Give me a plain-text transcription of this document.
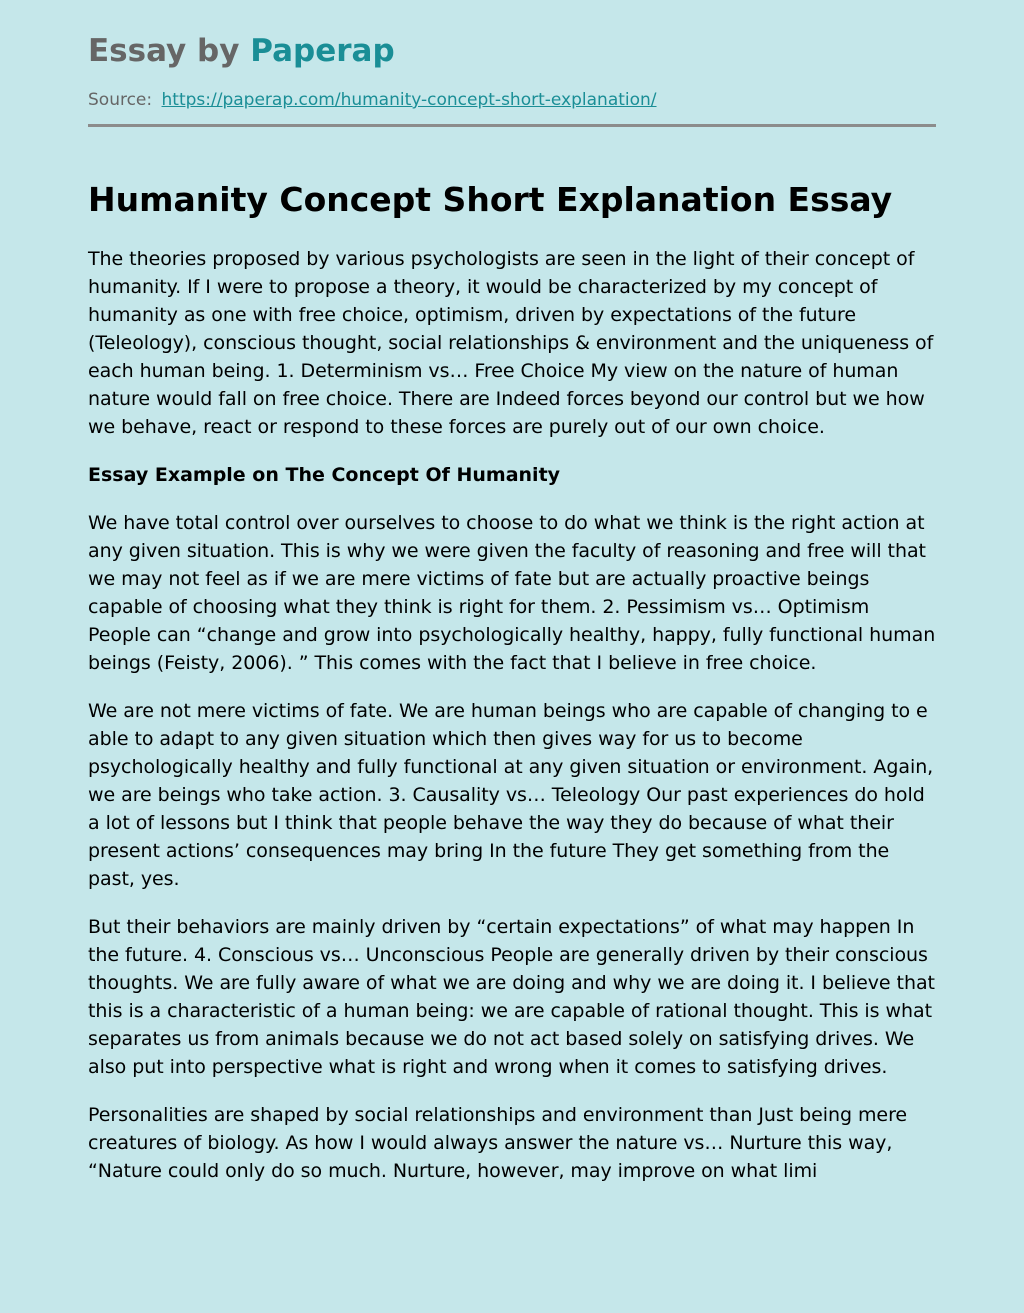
Essay by Paperap
Source: https://paperap.com/humanity-concept-short-explanation/
Humanity Concept Short Explanation Essay

The theories proposed by various psychologists are seen in the light of their concept of humanity. If I were to propose a theory, it would be characterized by my concept of humanity as one with free choice, optimism, driven by expectations of the future (Teleology), conscious thought, social relationships & environment and the uniqueness of each human being. 1. Determinism vs… Free Choice My view on the nature of human nature would fall on free choice. There are Indeed forces beyond our control but we how we behave, react or respond to these forces are purely out of our own choice.

Essay Example on The Concept Of Humanity

We have total control over ourselves to choose to do what we think is the right action at any given situation. This is why we were given the faculty of reasoning and free will that we may not feel as if we are mere victims of fate but are actually proactive beings capable of choosing what they think is right for them. 2. Pessimism vs… Optimism People can “change and grow into psychologically healthy, happy, fully functional human beings (Feisty, 2006). ” This comes with the fact that I believe in free choice.

We are not mere victims of fate. We are human beings who are capable of changing to e able to adapt to any given situation which then gives way for us to become psychologically healthy and fully functional at any given situation or environment. Again, we are beings who take action. 3. Causality vs… Teleology Our past experiences do hold a lot of lessons but I think that people behave the way they do because of what their present actions’ consequences may bring In the future They get something from the past, yes.

But their behaviors are mainly driven by “certain expectations” of what may happen In the future. 4. Conscious vs… Unconscious People are generally driven by their conscious thoughts. We are fully aware of what we are doing and why we are doing it. I believe that this is a characteristic of a human being: we are capable of rational thought. This is what separates us from animals because we do not act based solely on satisfying drives. We also put into perspective what is right and wrong when it comes to satisfying drives.

Personalities are shaped by social relationships and environment than Just being mere creatures of biology. As how I would always answer the nature vs… Nurture this way, “Nature could only do so much. Nurture, however, may improve on what limi
